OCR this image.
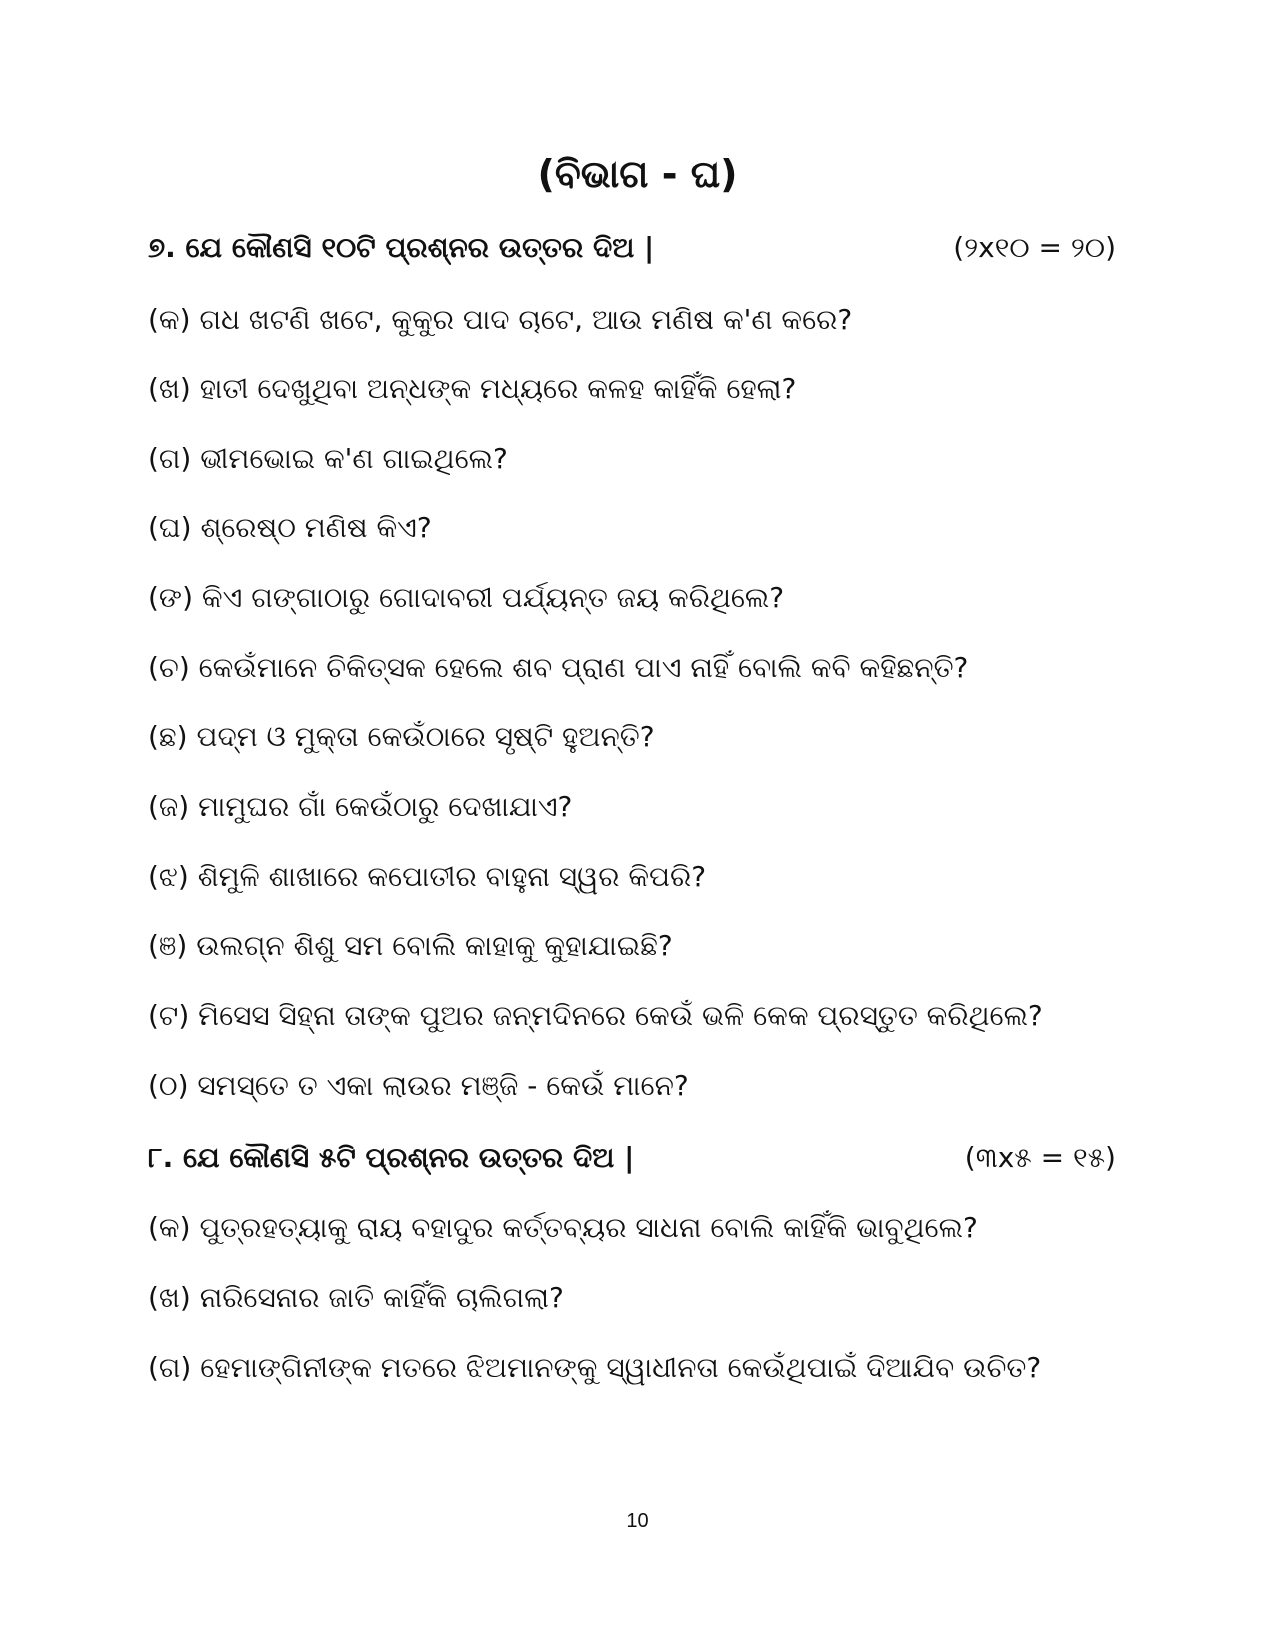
(ବିଭାଗ - ଘ)
୭. ଯେ କୌଣସି ୧୦ଟି ପ୍ରଶ୍ନର ଉତ୍ତର ଦିଅ |	(୨x୧୦ = ୨୦)
(କ) ଗଧ ଖଟଣି ଖଟେ, କୁକୁର ପାଦ ଚାଟେ, ଆଉ ମଣିଷ କ'ଣ କରେ?
(ଖ) ହାତୀ ଦେଖୁଥିବା ଅନ୍ଧଙ୍କ ମଧ୍ୟରେ କଳହ କାହିଁକି ହେଲା?
(ଗ) ଭୀମଭୋଇ କ'ଣ ଗାଇଥିଲେ?
(ଘ) ଶ୍ରେଷ୍ଠ ମଣିଷ କିଏ?
(ଙ) କିଏ ଗଙ୍ଗାଠାରୁ ଗୋଦାବରୀ ପର୍ଯ୍ୟନ୍ତ ଜୟ କରିଥିଲେ?
(ଚ) କେଉଁମାନେ ଚିକିତ୍ସକ ହେଲେ ଶବ ପ୍ରାଣ ପାଏ ନାହିଁ ବୋଲି କବି କହିଛନ୍ତି?
(ଛ) ପଦ୍ମ ଓ ମୁକ୍ତା କେଉଁଠାରେ ସୃଷ୍ଟି ହୁଅନ୍ତି?
(ଜ) ମାମୁଘର ଗାଁ କେଉଁଠାରୁ ଦେଖାଯାଏ?
(ଝ) ଶିମୁଳି ଶାଖାରେ କପୋତୀର ବାହୁନା ସ୍ୱର କିପରି?
(ଞ) ଉଲଗ୍ନ ଶିଶୁ ସମ ବୋଲି କାହାକୁ କୁହାଯାଇଛି?
(ଟ) ମିସେସ ସିହ୍ନା ତାଙ୍କ ପୁଅର ଜନ୍ମଦିନରେ କେଉଁ ଭଳି କେକ ପ୍ରସ୍ତୁତ କରିଥିଲେ?
(ଠ) ସମସ୍ତେ ତ ଏକା ଲାଉର ମଞ୍ଜି - କେଉଁ ମାନେ?
୮. ଯେ କୌଣସି ୫ଟି ପ୍ରଶ୍ନର ଉତ୍ତର ଦିଅ |	(୩x୫ = ୧୫)
(କ) ପୁତ୍ରହତ୍ୟାକୁ ରାୟ ବହାଦୁର କର୍ତ୍ତବ୍ୟର ସାଧନା ବୋଲି କାହିଁକି ଭାବୁଥିଲେ?
(ଖ) ନାରିସେନାର ଜାତି କାହିଁକି ଚାଲିଗଲା?
(ଗ) ହେମାଙ୍ଗିନୀଙ୍କ ମତରେ ଝିଅମାନଙ୍କୁ ସ୍ୱାଧୀନତା କେଉଁଥିପାଇଁ ଦିଆଯିବ ଉଚିତ?
10
